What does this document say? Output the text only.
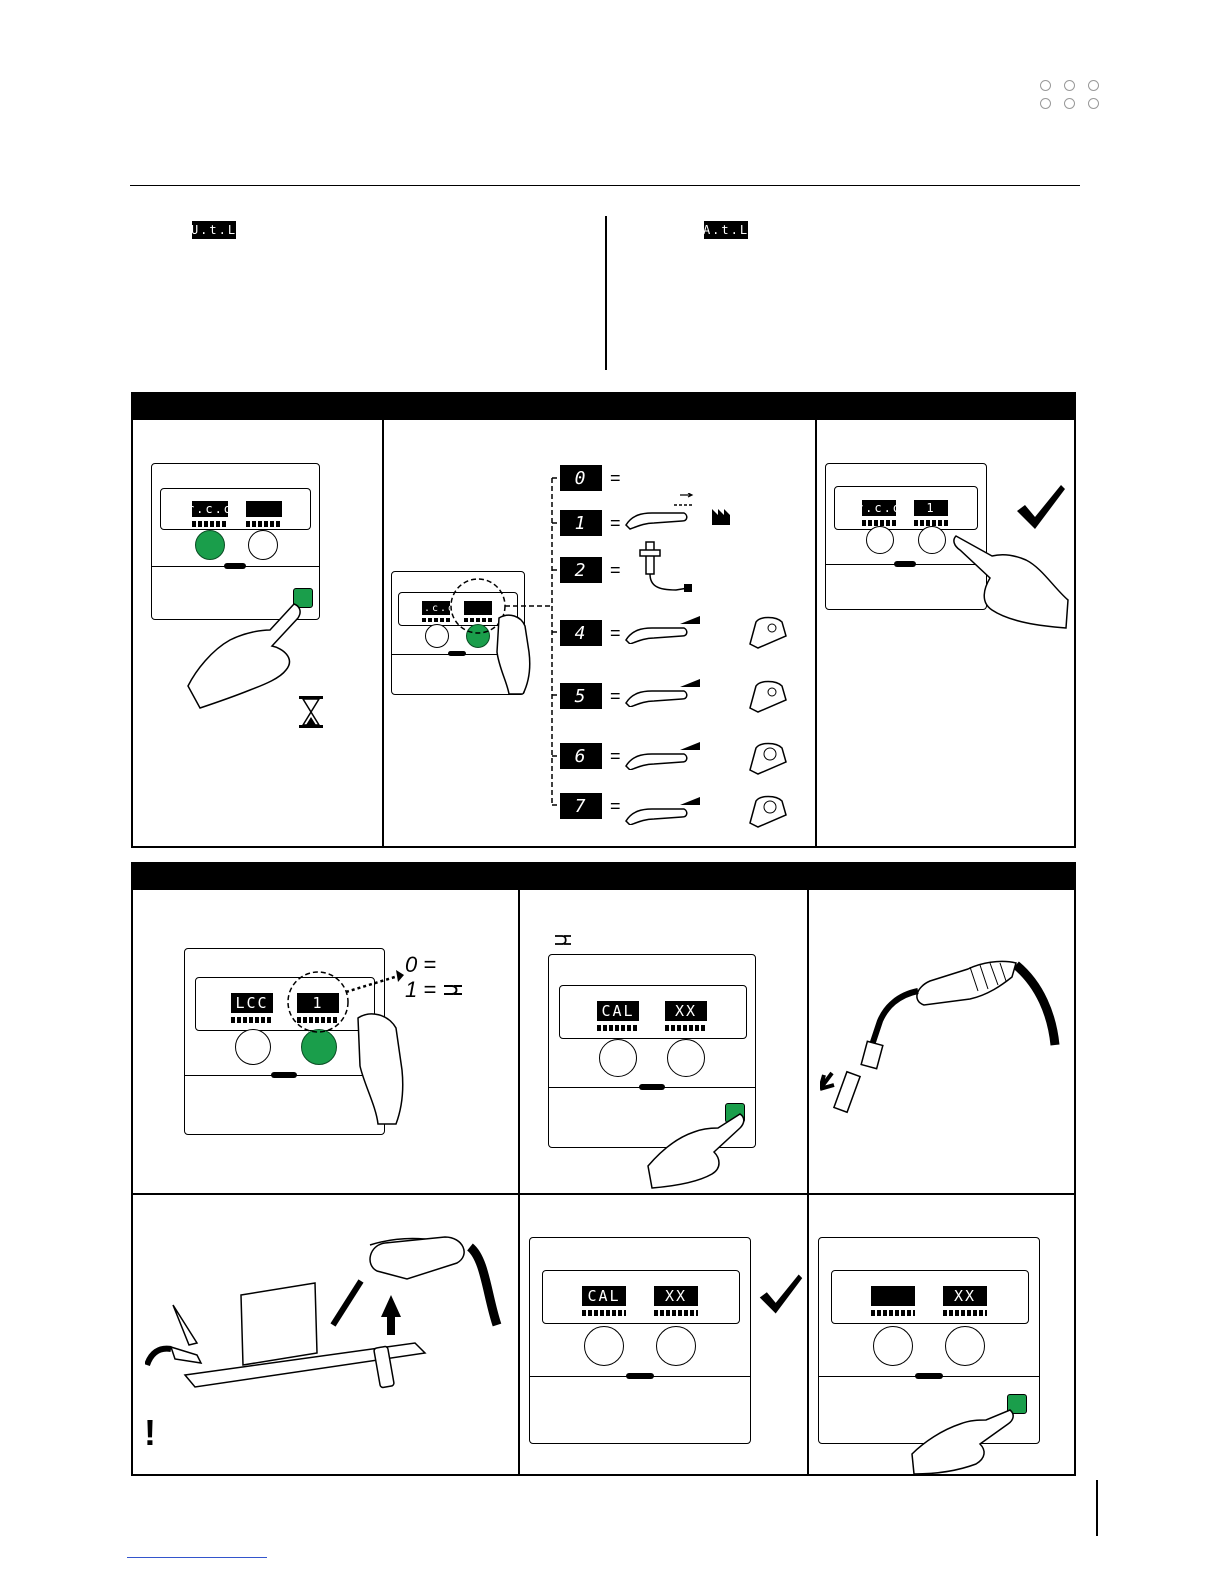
U.t.L	A.t.L
r.c.o
r.c.o
0	=
1	=
2	=
4	=
5	=
6	=
7	=
r.c.o	1
LCC	1
0 =
1 =
CAL	XX
!
CAL	XX	XX
